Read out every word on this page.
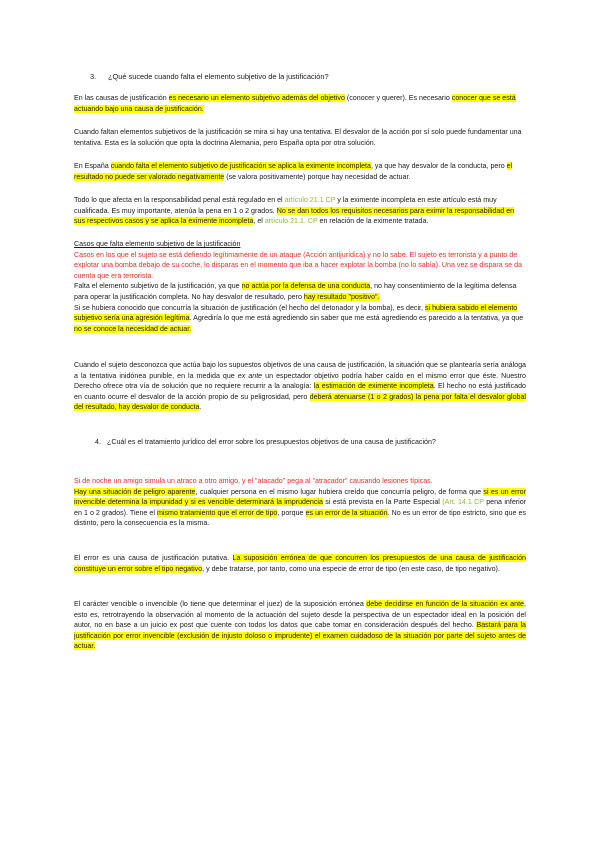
3. ¿Qué sucede cuando falta el elemento subjetivo de la justificación?

En las causas de justificación es necesario un elemento subjetivo además del objetivo (conocer y querer). Es necesario conocer que se está actuando bajo una causa de justificación.

Cuando faltan elementos subjetivos de la justificación se mira si hay una tentativa. El desvalor de la acción por sí solo puede fundamentar una tentativa. Esta es la solución que opta la doctrina Alemania, pero España opta por otra solución.

En España cuando falta el elemento subjetivo de justificación se aplica la eximente incompleta, ya que hay desvalor de la conducta, pero el resultado no puede ser valorado negativamente (se valora positivamente) porque hay necesidad de actuar.

Todo lo que afecta en la responsabilidad penal está regulado en el artículo 21.1 CP y la eximente incompleta en este artículo está muy cualificada. Es muy importante, atenúa la pena en 1 o 2 grados. No se dan todos los requisitos necesarios para eximir la responsabilidad en sus respectivos casos y se aplica la eximente incompleta, el artículo 21.1. CP en relación de la eximente tratada.

Casos que falta elemento subjetivo de la justificación
Casos en los que el sujeto se está defiendo legítimamente de un ataque (Acción antijurídica) y no lo sabe. El sujeto es terrorista y a punto de explotar una bomba debajo de su coche, lo disparas en el momento que iba a hacer explotar la bomba (no lo sabía). Una vez se dispara se da cuenta que era terrorista.
Falta el elemento subjetivo de la justificación, ya que no actúa por la defensa de una conducta, no hay consentimiento de la legítima defensa para operar la justificación completa. No hay desvalor de resultado, pero hay resultado "positivo".
Si se hubiera conocido que concurría la situación de justificación (el hecho del detonador y la bomba), es decir, si hubiera sabido el elemento subjetivo sería una agresión legítima. Agrediría lo que me está agrediendo sin saber que me está agrediendo es parecido a la tentativa, ya que no se conoce la necesidad de actuar.

Cuando el sujeto desconozca que actúa bajo los supuestos objetivos de una causa de justificación, la situación que se plantearía sería análoga a la tentativa inidónea punible, en la medida que ex ante un espectador objetivo podría haber caído en el mismo error que éste. Nuestro Derecho ofrece otra vía de solución que no requiere recurrir a la analogía: la estimación de eximente incompleta. El hecho no está justificado en cuanto ocurre el desvalor de la acción propio de su peligrosidad, pero deberá atenuarse (1 o 2 grados) la pena por falta el desvalor global del resultado, hay desvalor de conducta.

4. ¿Cuál es el tratamiento jurídico del error sobre los presupuestos objetivos de una causa de justificación?

Si de noche un amigo simula un atraco a otro amigo, y el "atacado" pega al "atracador" causando lesiones típicas.
Hay una situación de peligro aparente, cualquier persona en el mismo lugar hubiera creído que concurría peligro, de forma que si es un error invencible determina la impunidad y si es vencible determinará la imprudencia si está prevista en la Parte Especial (Art. 14.1 CP pena inferior en 1 o 2 grados). Tiene el mismo tratamiento que el error de tipo, porque es un error de la situación. No es un error de tipo estricto, sino que es distinto, pero la consecuencia es la misma.

El error es una causa de justificación putativa. La suposición errónea de que concurren los presupuestos de una causa de justificación constituye un error sobre el tipo negativo, y debe tratarse, por tanto, como una especie de error de tipo (en este caso, de tipo negativo).

El carácter vencible o invencible (lo tiene que determinar el juez) de la suposición errónea debe decidirse en función de la situación ex ante, esto es, retrotrayendo la observación al momento de la actuación del sujeto desde la perspectiva de un espectador ideal en la posición del autor, no en base a un juicio ex post que cuente con todos los datos que cabe tomar en consideración después del hecho. Bastará para la justificación por error invencible (exclusión de injusto doloso o imprudente) el examen cuidadoso de la situación por parte del sujeto antes de actuar.
